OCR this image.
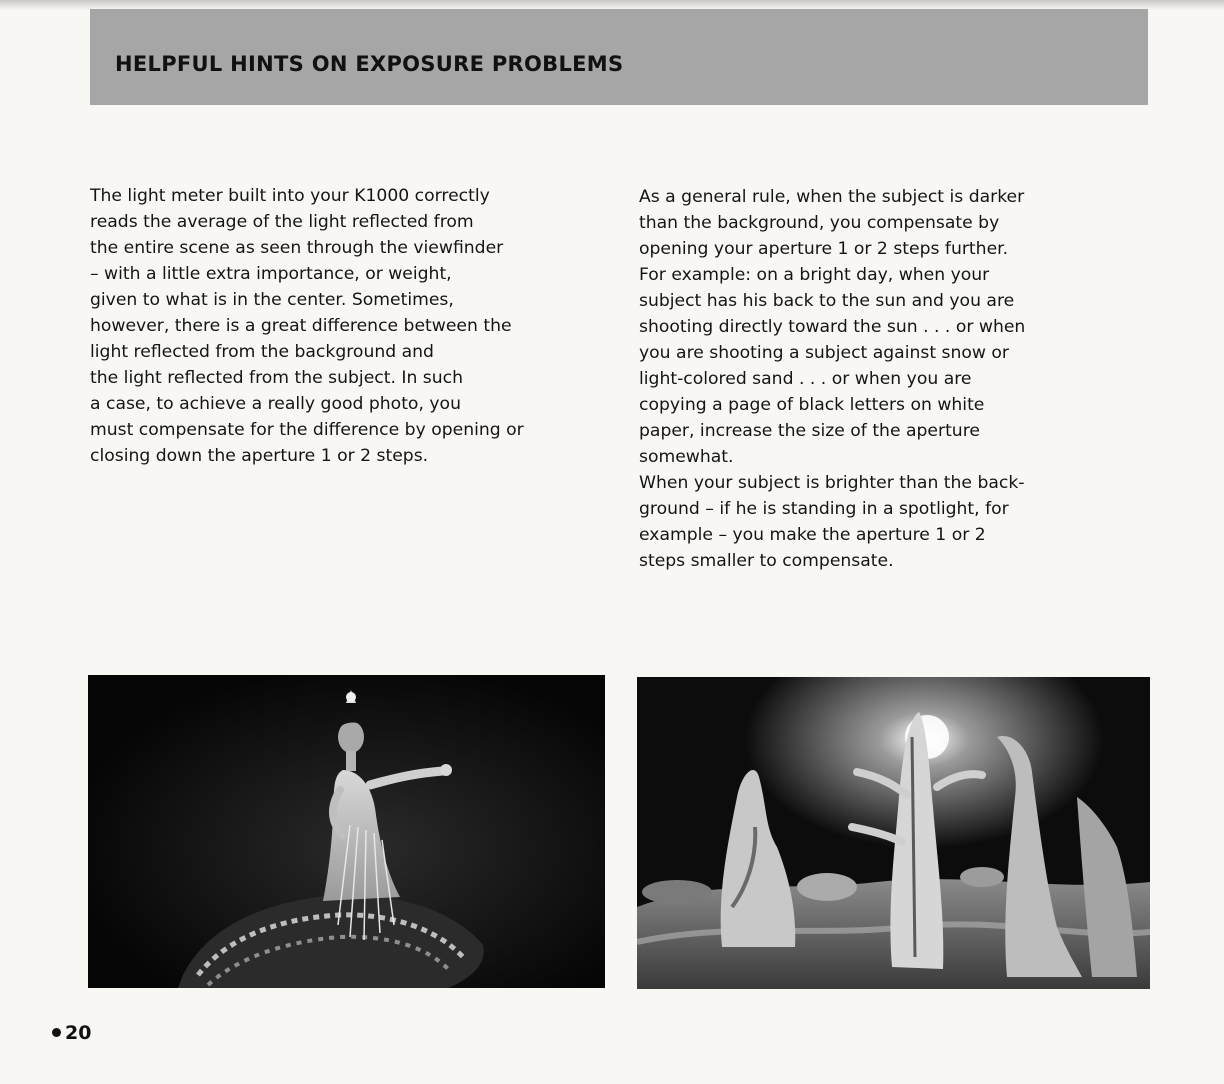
HELPFUL HINTS ON EXPOSURE PROBLEMS
The light meter built into your K1000 correctly
reads the average of the light reflected from
the entire scene as seen through the viewfinder
– with a little extra importance, or weight,
given to what is in the center. Sometimes,
however, there is a great difference between the
light reflected from the background and
the light reflected from the subject. In such
a case, to achieve a really good photo, you
must compensate for the difference by opening or
closing down the aperture 1 or 2 steps.
As a general rule, when the subject is darker
than the background, you compensate by
opening your aperture 1 or 2 steps further.
For example: on a bright day, when your
subject has his back to the sun and you are
shooting directly toward the sun . . . or when
you are shooting a subject against snow or
light-colored sand . . . or when you are
copying a page of black letters on white
paper, increase the size of the aperture
somewhat.
When your subject is brighter than the back-
ground – if he is standing in a spotlight, for
example – you make the aperture 1 or 2
steps smaller to compensate.
20
